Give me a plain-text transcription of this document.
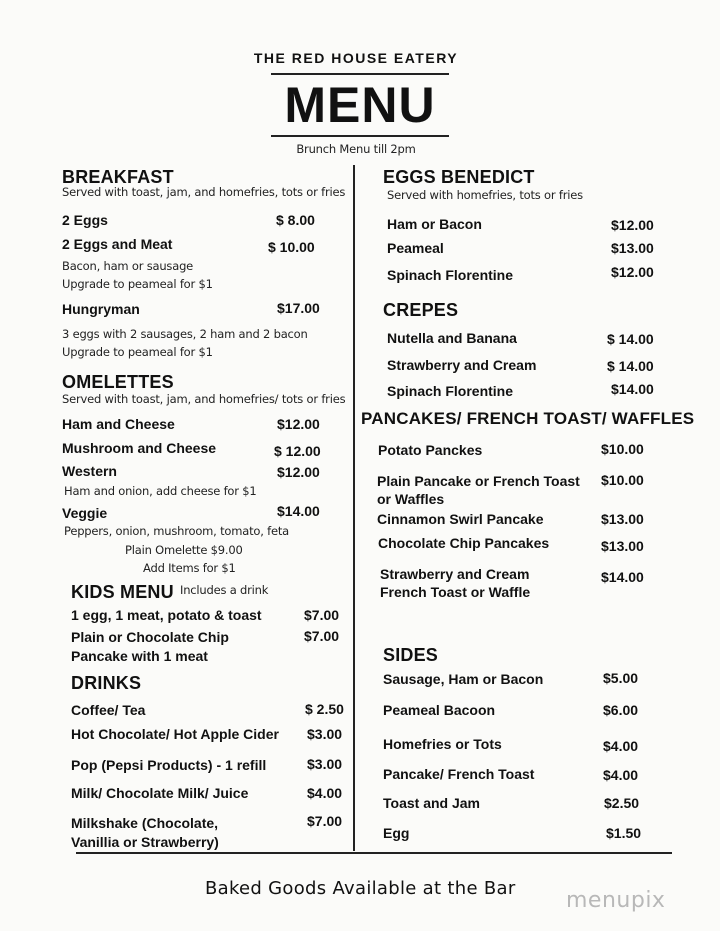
THE RED HOUSE EATERY
MENU
Brunch Menu till 2pm
BREAKFAST
Served with toast, jam, and homefries, tots or fries
2 Eggs	$ 8.00
2 Eggs and Meat	$ 10.00
Bacon, ham or sausage
Upgrade to peameal for $1
Hungryman	$17.00
3 eggs with 2 sausages, 2 ham and 2 bacon
Upgrade to peameal for $1
OMELETTES
Served with toast, jam, and homefries/ tots or fries
Ham and Cheese	$12.00
Mushroom and Cheese	$ 12.00
Western	$12.00
Ham and onion, add cheese for $1
Veggie	$14.00
Peppers, onion, mushroom, tomato, feta
Plain Omelette $9.00
Add Items for $1
KIDS MENU Includes a drink
1 egg, 1 meat, potato & toast	$7.00
Plain or Chocolate Chip
Pancake with 1 meat
$7.00
DRINKS
Coffee/ Tea	$ 2.50
Hot Chocolate/ Hot Apple Cider $3.00
Pop (Pepsi Products) - 1 refill	$3.00
Milk/ Chocolate Milk/ Juice	$4.00
Milkshake (Chocolate,
Vanillia or Strawberry)
$7.00
EGGS BENEDICT
Served with homefries, tots or fries
Ham or Bacon	$12.00
Peameal	$13.00
Spinach Florentine	$12.00
CREPES
Nutella and Banana	$ 14.00
Strawberry and Cream	$ 14.00
Spinach Florentine	$14.00
PANCAKES/ FRENCH TOAST/ WAFFLES
Potato Panckes	$10.00
Plain Pancake or French Toast
or Waffles
$10.00
Cinnamon Swirl Pancake	$13.00
Chocolate Chip Pancakes	$13.00
Strawberry and Cream
French Toast or Waffle
$14.00
SIDES
Sausage, Ham or Bacon	$5.00
Peameal Bacoon	$6.00
Homefries or Tots	$4.00
Pancake/ French Toast	$4.00
Toast and Jam	$2.50
Egg	$1.50
Baked Goods Available at the Bar menupix
